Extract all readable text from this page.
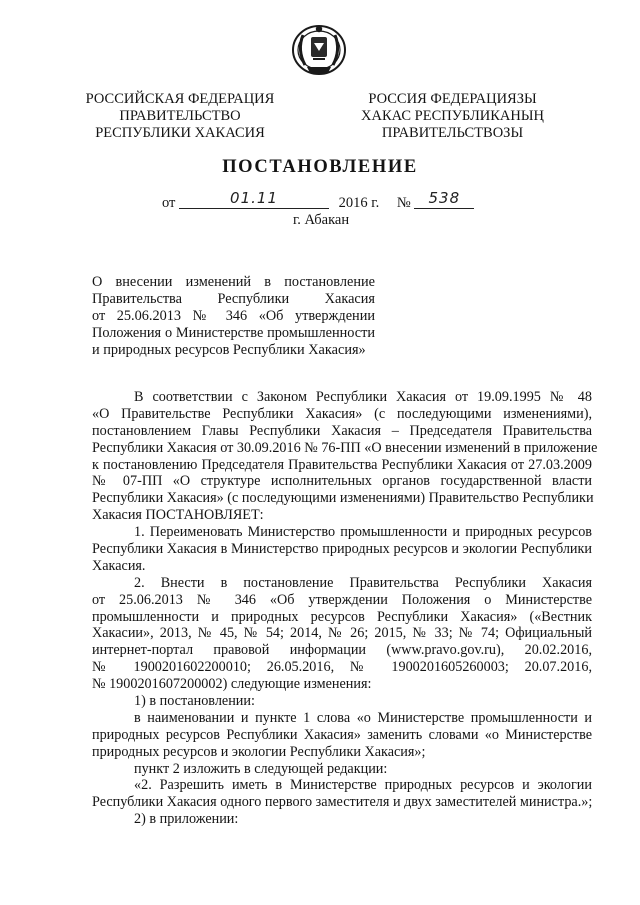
РОССИЙСКАЯ ФЕДЕРАЦИЯ
ПРАВИТЕЛЬСТВО
РЕСПУБЛИКИ ХАКАСИЯ
РОССИЯ ФЕДЕРАЦИЯЗЫ
ХАКАС РЕСПУБЛИКАНЫҢ
ПРАВИТЕЛЬСТВОЗЫ
ПОСТАНОВЛЕНИЕ
от	01.11	2016 г. № 538
г. Абакан
О внесении изменений в постановление
Правительства Республики Хакасия
от 25.06.2013 № 346 «Об утверждении
Положения о Министерстве промышленности
и природных ресурсов Республики Хакасия»
В соответствии с Законом Республики Хакасия от 19.09.1995 № 48
«О Правительстве Республики Хакасия» (с последующими изменениями),
постановлением Главы Республики Хакасия – Председателя Правительства
Республики Хакасия от 30.09.2016 № 76-ПП «О внесении изменений в приложение
к постановлению Председателя Правительства Республики Хакасия от 27.03.2009
№ 07-ПП «О структуре исполнительных органов государственной власти
Республики Хакасия» (с последующими изменениями) Правительство Республики
Хакасия ПОСТАНОВЛЯЕТ:
1. Переименовать Министерство промышленности и природных ресурсов
Республики Хакасия в Министерство природных ресурсов и экологии Республики
Хакасия.
2. Внести в постановление Правительства Республики Хакасия
от 25.06.2013 № 346 «Об утверждении Положения о Министерстве
промышленности и природных ресурсов Республики Хакасия» («Вестник
Хакасии», 2013, № 45, № 54; 2014, № 26; 2015, № 33; № 74; Официальный
интернет-портал правовой информации (www.pravo.gov.ru), 20.02.2016,
№ 1900201602200010; 26.05.2016, № 1900201605260003; 20.07.2016,
№ 1900201607200002) следующие изменения:
1) в постановлении:
в наименовании и пункте 1 слова «о Министерстве промышленности и
природных ресурсов Республики Хакасия» заменить словами «о Министерстве
природных ресурсов и экологии Республики Хакасия»;
пункт 2 изложить в следующей редакции:
«2. Разрешить иметь в Министерстве природных ресурсов и экологии
Республики Хакасия одного первого заместителя и двух заместителей министра.»;
2) в приложении:
